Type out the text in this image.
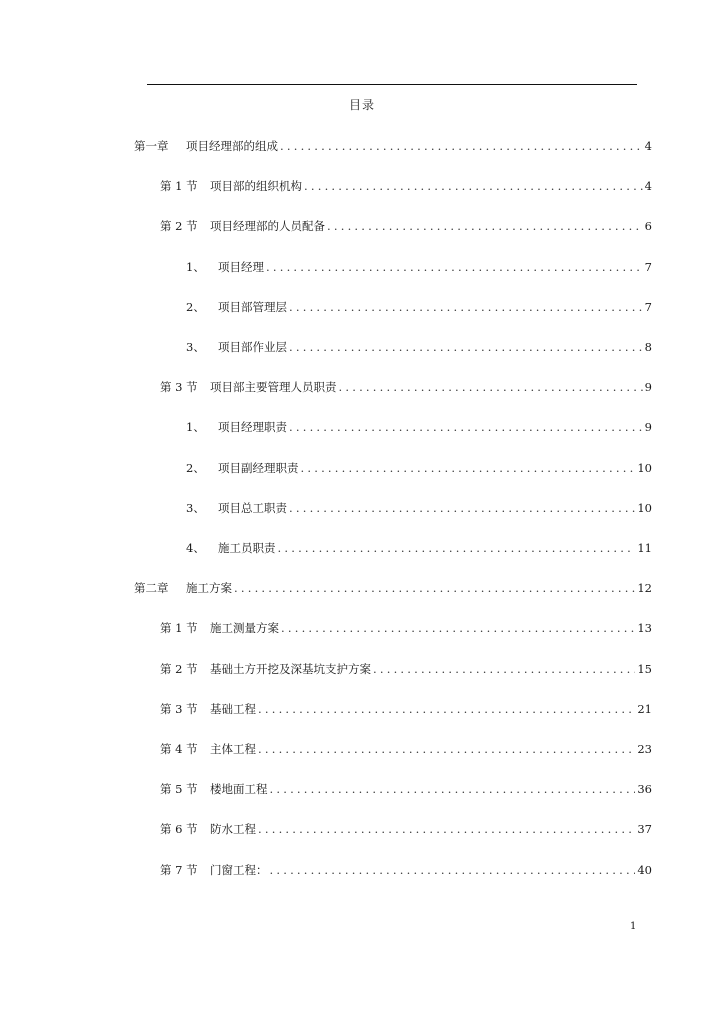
目录
第一章	项目经理部的组成 .....	4
第 1 节	项目部的组织机构 .....	4
第 2 节	项目经理部的人员配备 .....	6
1、	项目经理 .....	7
2、	项目部管理层 .....	7
3、	项目部作业层 .....	8
第 3 节	项目部主要管理人员职责 .....	9
1、	项目经理职责 .....	9
2、	项目副经理职责 .....	10
3、	项目总工职责 .....	10
4、	施工员职责 .....	11
第二章	施工方案 .....	12
第 1 节	施工测量方案 .....	13
第 2 节	基础土方开挖及深基坑支护方案 .....	15
第 3 节	基础工程 .....	21
第 4 节	主体工程 .....	23
第 5 节	楼地面工程 .....	36
第 6 节	防水工程 .....	37
第 7 节	门窗工程： .....	40
1
